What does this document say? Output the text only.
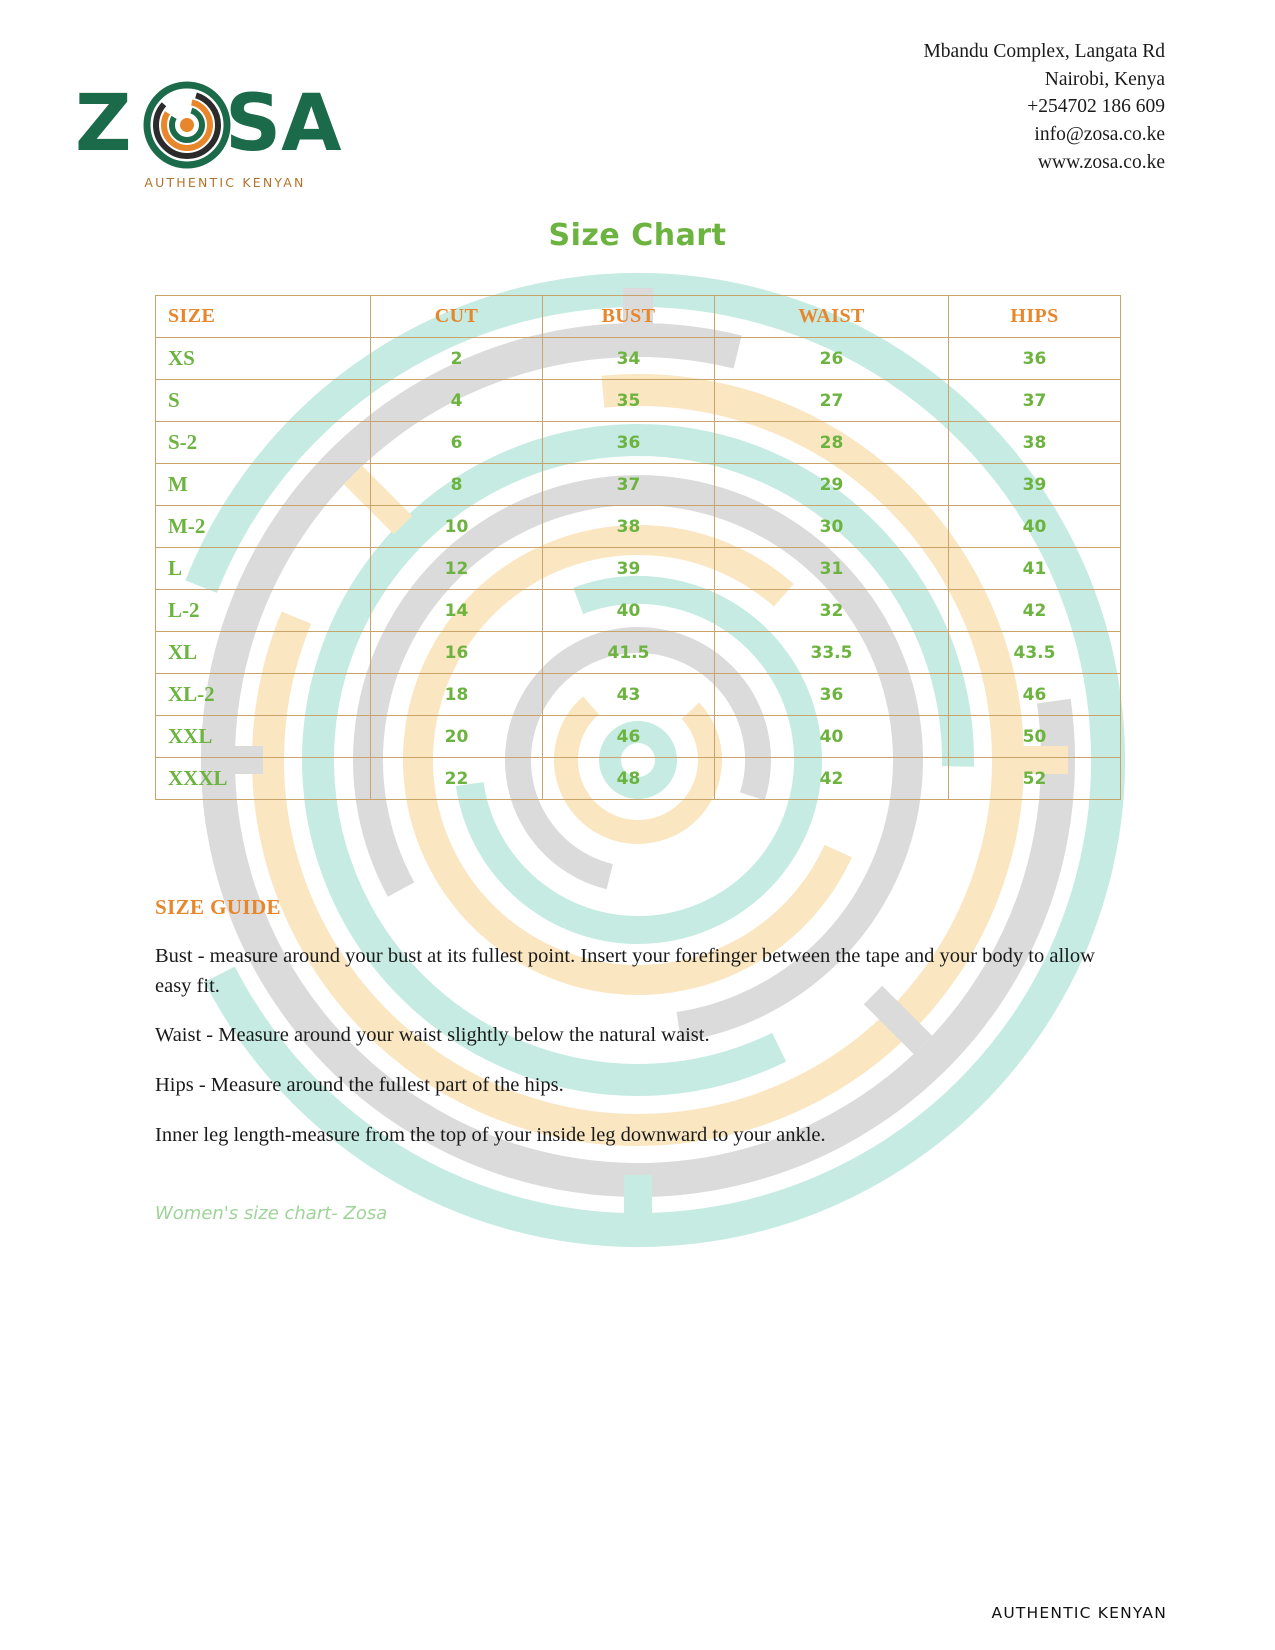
Z SA
AUTHENTIC KENYAN
Mbandu Complex, Langata Rd
Nairobi, Kenya
+254702 186 609
info@zosa.co.ke
www.zosa.co.ke
Size Chart
SIZE	CUT	BUST	WAIST	HIPS
XS	2	34	26	36
S	4	35	27	37
S-2	6	36	28	38
M	8	37	29	39
M-2	10	38	30	40
L	12	39	31	41
L-2	14	40	32	42
XL	16	41.5	33.5	43.5
XL-2	18	43	36	46
XXL	20	46	40	50
XXXL	22	48	42	52
SIZE GUIDE

Bust - measure around your bust at its fullest point. Insert your forefinger between the tape and your body to allow easy fit.

Waist - Measure around your waist slightly below the natural waist.

Hips - Measure around the fullest part of the hips.

Inner leg length-measure from the top of your inside leg downward to your ankle.

Women's size chart- Zosa
AUTHENTIC KENYAN
